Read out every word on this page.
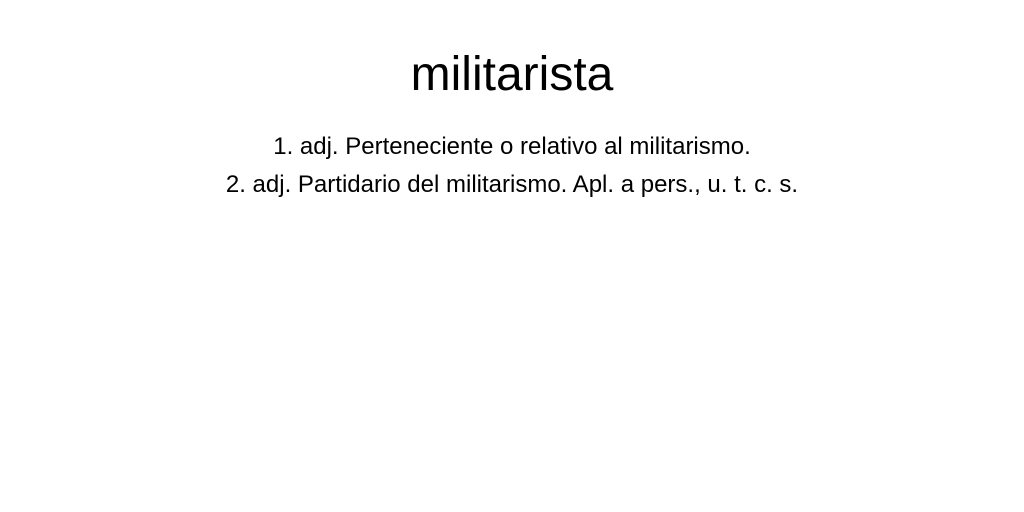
militarista
1. adj. Perteneciente o relativo al militarismo.
2. adj. Partidario del militarismo. Apl. a pers., u. t. c. s.
